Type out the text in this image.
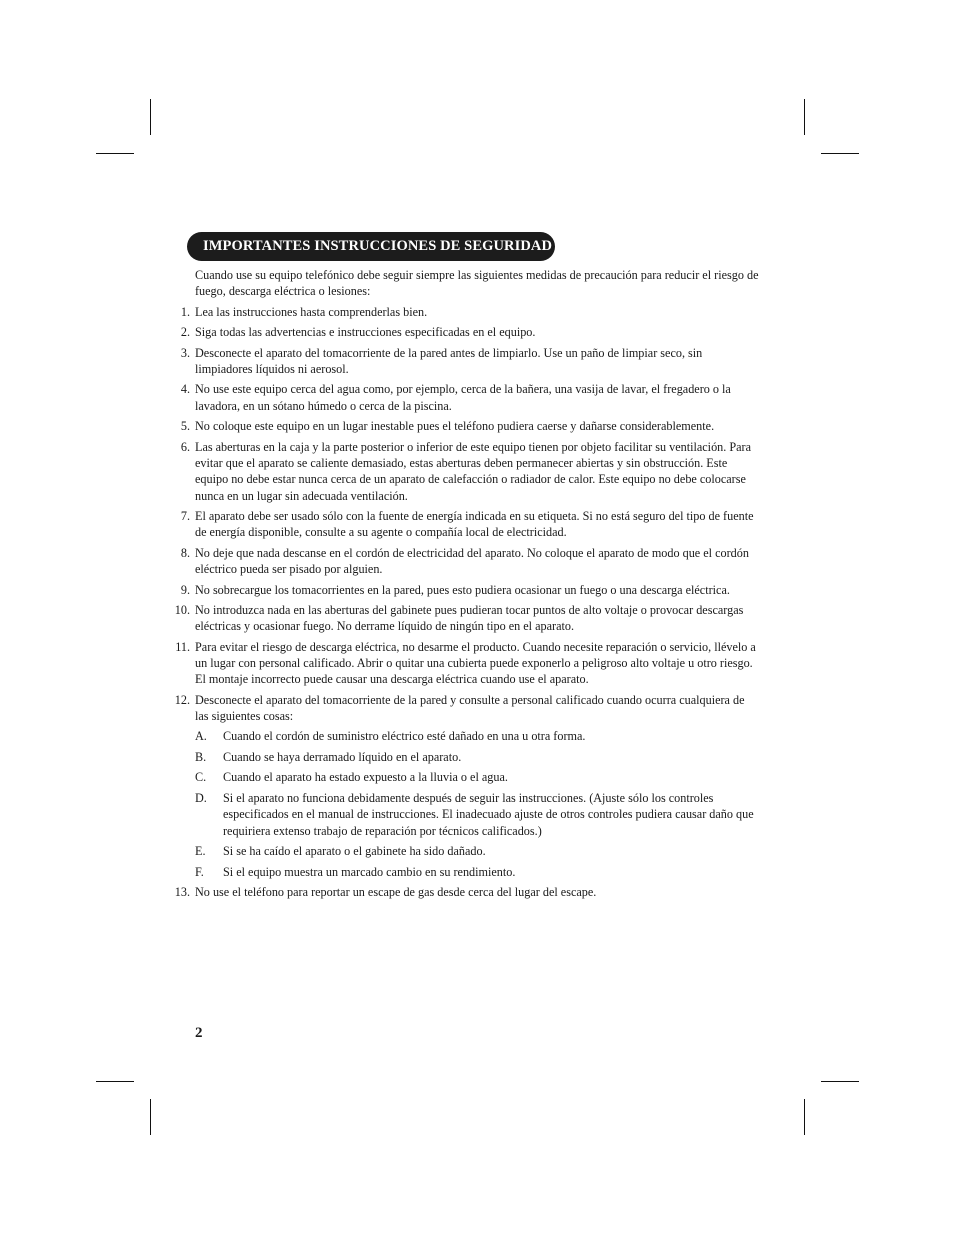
IMPORTANTES INSTRUCCIONES DE SEGURIDAD

Cuando use su equipo telefónico debe seguir siempre las siguientes medidas de precaución para reducir el riesgo de fuego, descarga eléctrica o lesiones:

1. Lea las instrucciones hasta comprenderlas bien.
2. Siga todas las advertencias e instrucciones especificadas en el equipo.
3. Desconecte el aparato del tomacorriente de la pared antes de limpiarlo. Use un paño de limpiar seco, sin limpiadores líquidos ni aerosol.
4. No use este equipo cerca del agua como, por ejemplo, cerca de la bañera, una vasija de lavar, el fregadero o la lavadora, en un sótano húmedo o cerca de la piscina.
5. No coloque este equipo en un lugar inestable pues el teléfono pudiera caerse y dañarse considerablemente.
6. Las aberturas en la caja y la parte posterior o inferior de este equipo tienen por objeto facilitar su ventilación. Para evitar que el aparato se caliente demasiado, estas aberturas deben permanecer abiertas y sin obstrucción. Este equipo no debe estar nunca cerca de un aparato de calefacción o radiador de calor. Este equipo no debe colocarse nunca en un lugar sin adecuada ventilación.
7. El aparato debe ser usado sólo con la fuente de energía indicada en su etiqueta. Si no está seguro del tipo de fuente de energía disponible, consulte a su agente o compañía local de electricidad.
8. No deje que nada descanse en el cordón de electricidad del aparato. No coloque el aparato de modo que el cordón eléctrico pueda ser pisado por alguien.
9. No sobrecargue los tomacorrientes en la pared, pues esto pudiera ocasionar un fuego o una descarga eléctrica.
10. No introduzca nada en las aberturas del gabinete pues pudieran tocar puntos de alto voltaje o provocar descargas eléctricas y ocasionar fuego. No derrame líquido de ningún tipo en el aparato.
11. Para evitar el riesgo de descarga eléctrica, no desarme el producto. Cuando necesite reparación o servicio, llévelo a un lugar con personal calificado. Abrir o quitar una cubierta puede exponerlo a peligroso alto voltaje u otro riesgo. El montaje incorrecto puede causar una descarga eléctrica cuando use el aparato.
12. Desconecte el aparato del tomacorriente de la pared y consulte a personal calificado cuando ocurra cualquiera de las siguientes cosas:
A. Cuando el cordón de suministro eléctrico esté dañado en una u otra forma.
B. Cuando se haya derramado líquido en el aparato.
C. Cuando el aparato ha estado expuesto a la lluvia o el agua.
D. Si el aparato no funciona debidamente después de seguir las instrucciones. (Ajuste sólo los controles especificados en el manual de instrucciones. El inadecuado ajuste de otros controles pudiera causar daño que requiriera extenso trabajo de reparación por técnicos calificados.)
E. Si se ha caído el aparato o el gabinete ha sido dañado.
F. Si el equipo muestra un marcado cambio en su rendimiento.
13. No use el teléfono para reportar un escape de gas desde cerca del lugar del escape.
2
